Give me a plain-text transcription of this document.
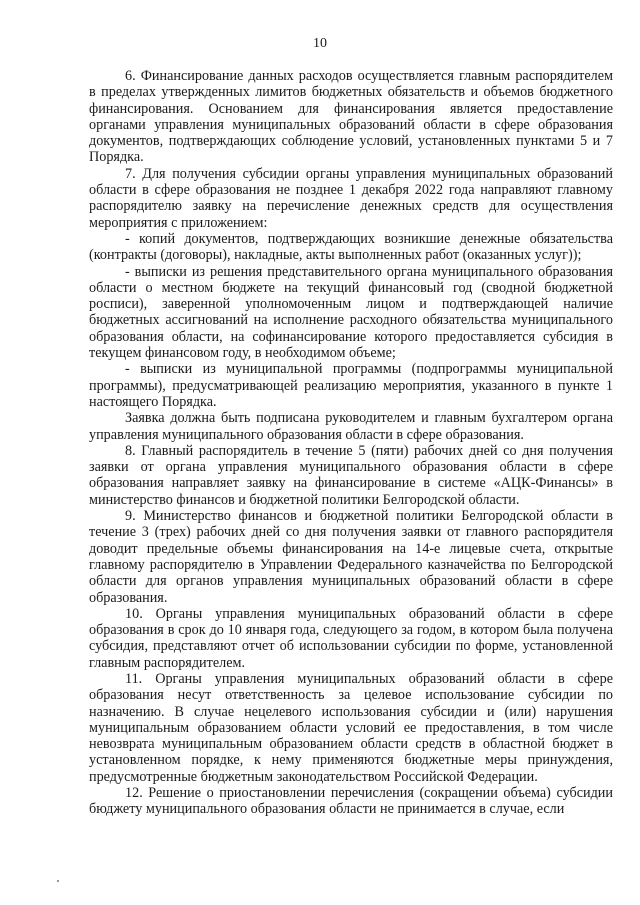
10

6. Финансирование данных расходов осуществляется главным распорядителем в пределах утвержденных лимитов бюджетных обязательств и объемов бюджетного финансирования. Основанием для финансирования является предоставление органами управления муниципальных образований области в сфере образования документов, подтверждающих соблюдение условий, установленных пунктами 5 и 7 Порядка.

7. Для получения субсидии органы управления муниципальных образований области в сфере образования не позднее 1 декабря 2022 года направляют главному распорядителю заявку на перечисление денежных средств для осуществления мероприятия с приложением:

- копий документов, подтверждающих возникшие денежные обязательства (контракты (договоры), накладные, акты выполненных работ (оказанных услуг));

- выписки из решения представительного органа муниципального образования области о местном бюджете на текущий финансовый год (сводной бюджетной росписи), заверенной уполномоченным лицом и подтверждающей наличие бюджетных ассигнований на исполнение расходного обязательства муниципального образования области, на софинансирование которого предоставляется субсидия в текущем финансовом году, в необходимом объеме;

- выписки из муниципальной программы (подпрограммы муниципальной программы), предусматривающей реализацию мероприятия, указанного в пункте 1 настоящего Порядка.

Заявка должна быть подписана руководителем и главным бухгалтером органа управления муниципального образования области в сфере образования.

8. Главный распорядитель в течение 5 (пяти) рабочих дней со дня получения заявки от органа управления муниципального образования области в сфере образования направляет заявку на финансирование в системе «АЦК-Финансы» в министерство финансов и бюджетной политики Белгородской области.

9. Министерство финансов и бюджетной политики Белгородской области в течение 3 (трех) рабочих дней со дня получения заявки от главного распорядителя доводит предельные объемы финансирования на 14-е лицевые счета, открытые главному распорядителю в Управлении Федерального казначейства по Белгородской области для органов управления муниципальных образований области в сфере образования.

10. Органы управления муниципальных образований области в сфере образования в срок до 10 января года, следующего за годом, в котором была получена субсидия, представляют отчет об использовании субсидии по форме, установленной главным распорядителем.

11. Органы управления муниципальных образований области в сфере образования несут ответственность за целевое использование субсидии по назначению. В случае нецелевого использования субсидии и (или) нарушения муниципальным образованием области условий ее предоставления, в том числе невозврата муниципальным образованием области средств в областной бюджет в установленном порядке, к нему применяются бюджетные меры принуждения, предусмотренные бюджетным законодательством Российской Федерации.

12. Решение о приостановлении перечисления (сокращении объема) субсидии бюджету муниципального образования области не принимается в случае, если
